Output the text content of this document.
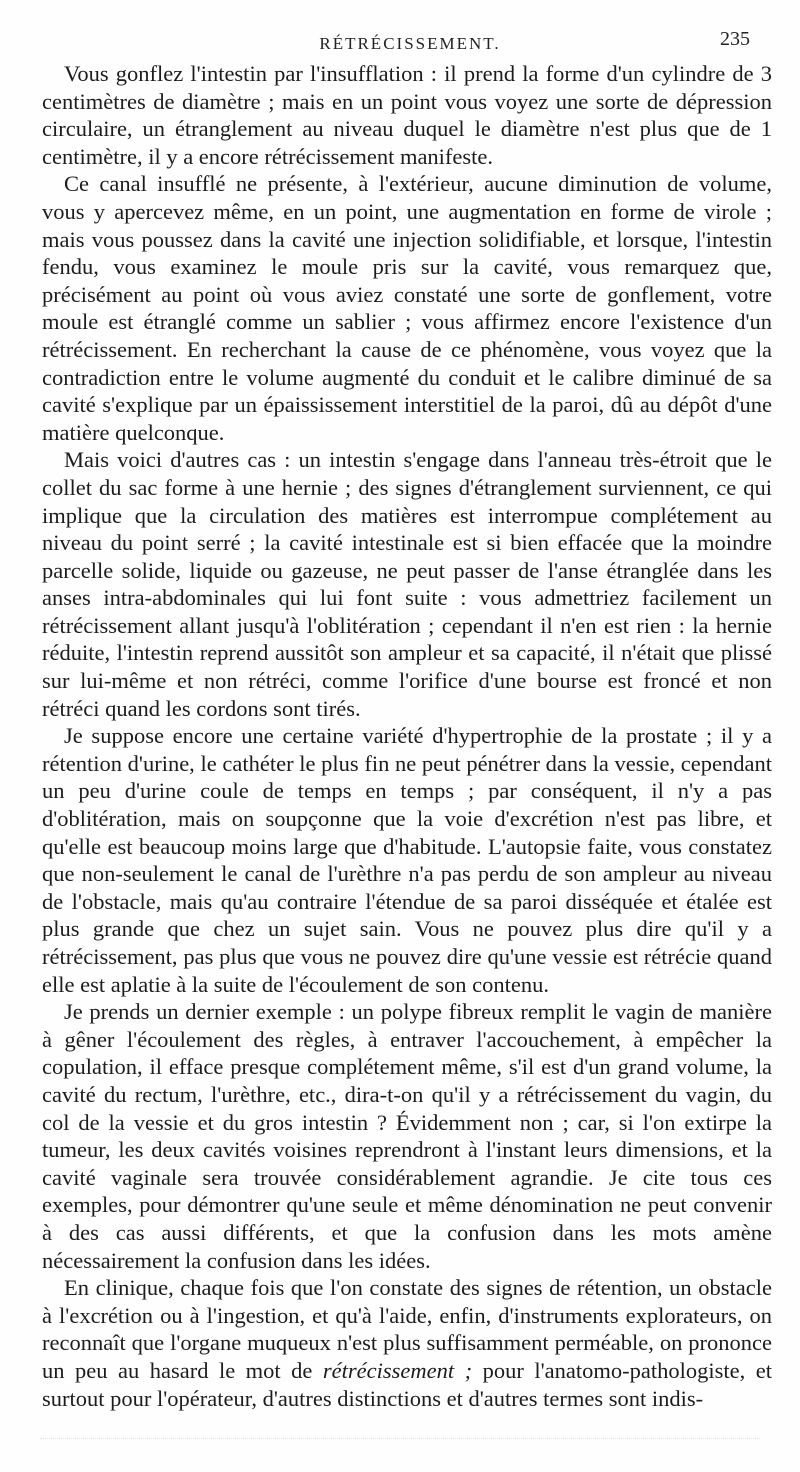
RÉTRÉCISSEMENT.	235

Vous gonflez l'intestin par l'insufflation : il prend la forme d'un cylindre de 3 centimètres de diamètre ; mais en un point vous voyez une sorte de dépression circulaire, un étranglement au niveau duquel le diamètre n'est plus que de 1 centimètre, il y a encore rétrécissement manifeste.

Ce canal insufflé ne présente, à l'extérieur, aucune diminution de volume, vous y apercevez même, en un point, une augmentation en forme de virole ; mais vous poussez dans la cavité une injection solidifiable, et lorsque, l'intestin fendu, vous examinez le moule pris sur la cavité, vous remarquez que, précisément au point où vous aviez constaté une sorte de gonflement, votre moule est étranglé comme un sablier ; vous affirmez encore l'existence d'un rétrécissement. En recherchant la cause de ce phénomène, vous voyez que la contradiction entre le volume augmenté du conduit et le calibre diminué de sa cavité s'explique par un épaississement interstitiel de la paroi, dû au dépôt d'une matière quelconque.

Mais voici d'autres cas : un intestin s'engage dans l'anneau très-étroit que le collet du sac forme à une hernie ; des signes d'étranglement surviennent, ce qui implique que la circulation des matières est interrompue complétement au niveau du point serré ; la cavité intestinale est si bien effacée que la moindre parcelle solide, liquide ou gazeuse, ne peut passer de l'anse étranglée dans les anses intra-abdominales qui lui font suite : vous admettriez facilement un rétrécissement allant jusqu'à l'oblitération ; cependant il n'en est rien : la hernie réduite, l'intestin reprend aussitôt son ampleur et sa capacité, il n'était que plissé sur lui-même et non rétréci, comme l'orifice d'une bourse est froncé et non rétréci quand les cordons sont tirés.

Je suppose encore une certaine variété d'hypertrophie de la prostate ; il y a rétention d'urine, le cathéter le plus fin ne peut pénétrer dans la vessie, cependant un peu d'urine coule de temps en temps ; par conséquent, il n'y a pas d'oblitération, mais on soupçonne que la voie d'excrétion n'est pas libre, et qu'elle est beaucoup moins large que d'habitude. L'autopsie faite, vous constatez que non-seulement le canal de l'urèthre n'a pas perdu de son ampleur au niveau de l'obstacle, mais qu'au contraire l'étendue de sa paroi disséquée et étalée est plus grande que chez un sujet sain. Vous ne pouvez plus dire qu'il y a rétrécissement, pas plus que vous ne pouvez dire qu'une vessie est rétrécie quand elle est aplatie à la suite de l'écoulement de son contenu.

Je prends un dernier exemple : un polype fibreux remplit le vagin de manière à gêner l'écoulement des règles, à entraver l'accouchement, à empêcher la copulation, il efface presque complétement même, s'il est d'un grand volume, la cavité du rectum, l'urèthre, etc., dira-t-on qu'il y a rétrécissement du vagin, du col de la vessie et du gros intestin ? Évidemment non ; car, si l'on extirpe la tumeur, les deux cavités voisines reprendront à l'instant leurs dimensions, et la cavité vaginale sera trouvée considérablement agrandie. Je cite tous ces exemples, pour démontrer qu'une seule et même dénomination ne peut convenir à des cas aussi différents, et que la confusion dans les mots amène nécessairement la confusion dans les idées.

En clinique, chaque fois que l'on constate des signes de rétention, un obstacle à l'excrétion ou à l'ingestion, et qu'à l'aide, enfin, d'instruments explorateurs, on reconnaît que l'organe muqueux n'est plus suffisamment perméable, on prononce un peu au hasard le mot de rétrécissement ; pour l'anatomo-pathologiste, et surtout pour l'opérateur, d'autres distinctions et d'autres termes sont indis-
